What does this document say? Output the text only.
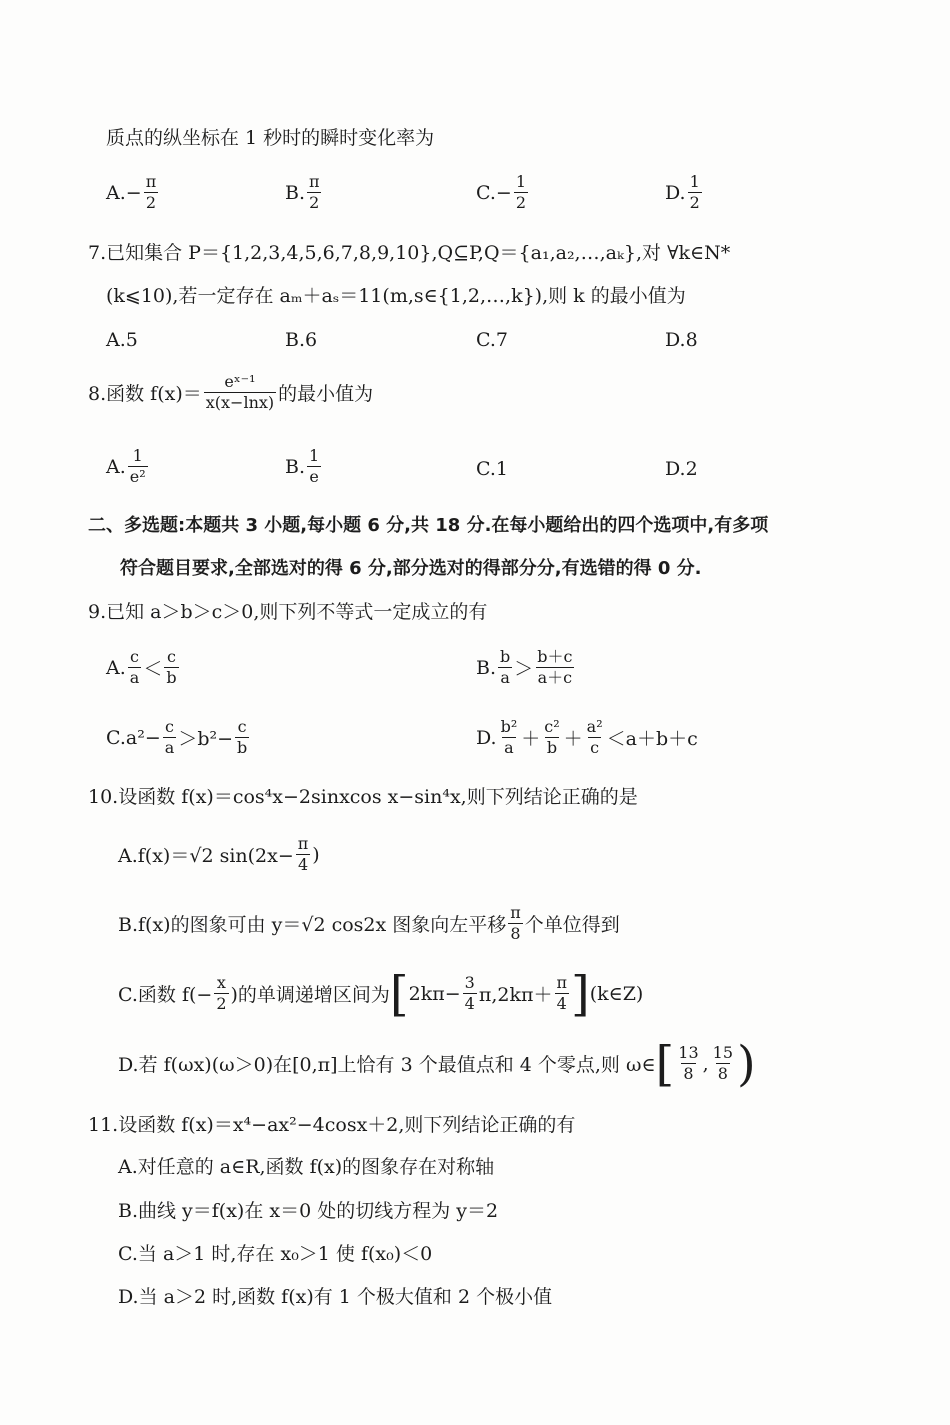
质点的纵坐标在 1 秒时的瞬时变化率为
$A.- \frac{\pi}{2}$	B. $\frac{\pi}{2}$	$C.- \frac{1}{2}$	D. $\frac{1}{2}$
7.已知集合 P＝{1,2,3,4,5,6,7,8,9,10},Q⊆P,Q＝{a₁,a₂,…,aₖ},对 ∀k∈N*
(k⩽10),若一定存在 aₘ＋aₛ＝11(m,s∈{1,2,…,k}),则 k 的最小值为
A.5	B.6	C.7	D.8
8.函数 $f(x)= \frac{\text{eˣ⁻¹}}{x(x-\ln x)}$ 的最小值为
A. $\frac{1}{\text{e²}}$	B. $\frac{1}{e}$	C.1	D.2
二、多选题:本题共 3 小题,每小题 6 分,共 18 分.在每小题给出的四个选项中,有多项
符合题目要求,全部选对的得 6 分,部分选对的得部分分,有选错的得 0 分.
9.已知 a＞b＞c＞0,则下列不等式一定成立的有
A. $\frac{c}{a} < \frac{c}{b}$	B. $\frac{b}{a} > \frac{b+c}{a+c}$
$C.a^2- \frac{c}{a} >b^2- \frac{c}{b}$	D. $\frac{\text{b²}}{a} + \frac{\text{c²}}{b} + \frac{\text{a²}}{c} <a+b+c$
10.设函数 f(x)＝cos⁴x−2sinxcos x−sin⁴x,则下列结论正确的是
A.f(x)＝√2 $\sin(2x- \frac{\pi}{4}$ )
B.f(x)的图象可由 y＝√2 cos2x 图象向左平移 $\frac{\pi}{8}$ 个单位得到
C.函数 $f(- \frac{x}{2}$ )的单调递增区间为 [ $2k\pi- \frac{3}{4} \pi,2k\pi+ \frac{\pi}{4}$ ] (k∈Z)
D.若 f(ωx)(ω＞0)在[0,π]上恰有 3 个最值点和 4 个零点,则 ω∈ [ $\frac{13}{8}$ , $\frac{15}{8}$ )
11.设函数 f(x)＝x⁴−ax²−4cosx＋2,则下列结论正确的有
A.对任意的 a∈R,函数 f(x)的图象存在对称轴
B.曲线 y＝f(x)在 x＝0 处的切线方程为 y＝2
C.当 a＞1 时,存在 x₀＞1 使 f(x₀)＜0
D.当 a＞2 时,函数 f(x)有 1 个极大值和 2 个极小值
